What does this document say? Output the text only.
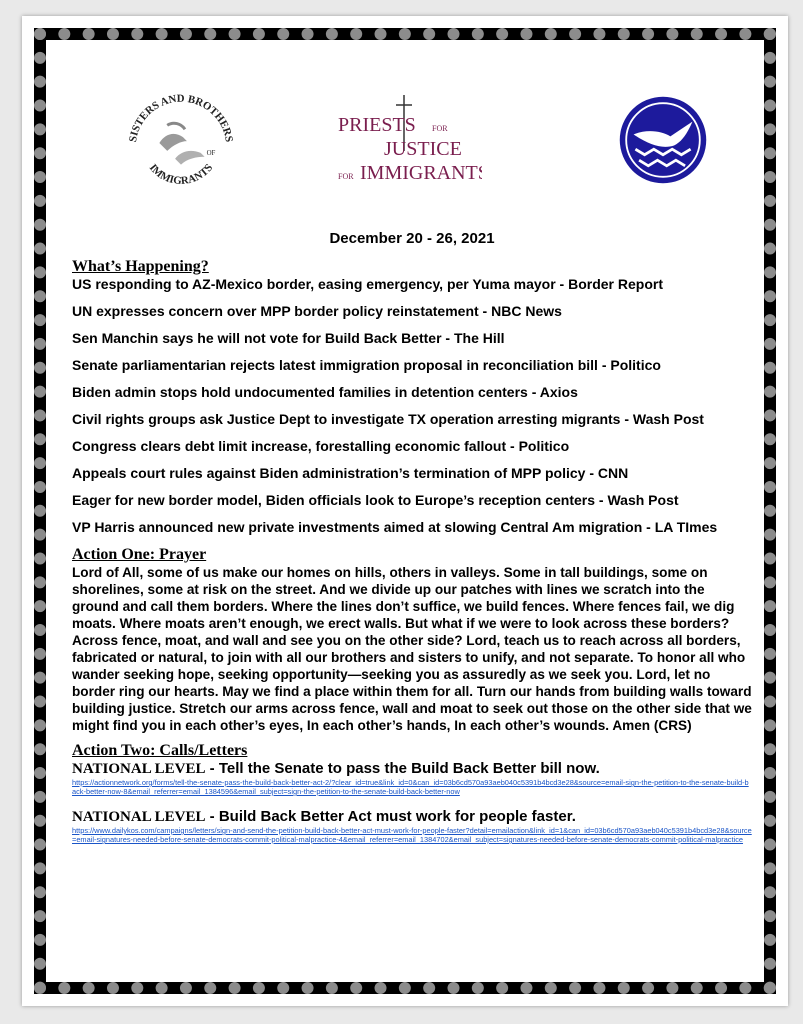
SISTERS AND BROTHERS
IMMIGRANTS
OF
PRIESTS FOR
JUSTICE
FOR IMMIGRANTS
December 20 - 26, 2021
What’s Happening?
US responding to AZ-Mexico border, easing emergency, per Yuma mayor - Border Report
UN expresses concern over MPP border policy reinstatement - NBC News
Sen Manchin says he will not vote for Build Back Better - The Hill
Senate parliamentarian rejects latest immigration proposal in reconciliation bill - Politico
Biden admin stops hold undocumented families in detention centers - Axios
Civil rights groups ask Justice Dept to investigate TX operation arresting migrants - Wash Post
Congress clears debt limit increase, forestalling economic fallout - Politico
Appeals court rules against Biden administration’s termination of MPP policy - CNN
Eager for new border model, Biden officials look to Europe’s reception centers - Wash Post
VP Harris announced new private investments aimed at slowing Central Am migration - LA TImes
Action One: Prayer

Lord of All, some of us make our homes on hills, others in valleys. Some in tall buildings, some on shorelines, some at risk on the street. And we divide up our patches with lines we scratch into the ground and call them borders. Where the lines don’t suffice, we build fences. Where fences fail, we dig moats. Where moats aren’t enough, we erect walls. But what if we were to look across these borders? Across fence, moat, and wall and see you on the other side? Lord, teach us to reach across all borders, fabricated or natural, to join with all our brothers and sisters to unify, and not separate. To honor all who wander seeking hope, seeking opportunity—seeking you as assuredly as we seek you. Lord, let no border ring our hearts. May we find a place within them for all. Turn our hands from building walls toward building justice. Stretch our arms across fence, wall and moat to seek out those on the other side that we might find you in each other’s eyes, In each other’s hands, In each other’s wounds. Amen (CRS)

Action Two: Calls/Letters

NATIONAL LEVEL - Tell the Senate to pass the Build Back Better bill now.

https://actionnetwork.org/forms/tell-the-senate-pass-the-build-back-better-act-2/?clear_id=true&link_id=0&can_id=03b6cd570a93aeb040c5391b4bcd3e28&source=email-sign-the-petition-to-the-senate-build-back-better-now-8&email_referrer=email_1384596&email_subject=sign-the-petition-to-the-senate-build-back-better-now

NATIONAL LEVEL - Build Back Better Act must work for people faster.

https://www.dailykos.com/campaigns/letters/sign-and-send-the-petition-build-back-better-act-must-work-for-people-faster?detail=emailaction&link_id=1&can_id=03b6cd570a93aeb040c5391b4bcd3e28&source=email-signatures-needed-before-senate-democrats-commit-political-malpractice-4&email_referrer=email_1384702&email_subject=signatures-needed-before-senate-democrats-commit-political-malpractice
